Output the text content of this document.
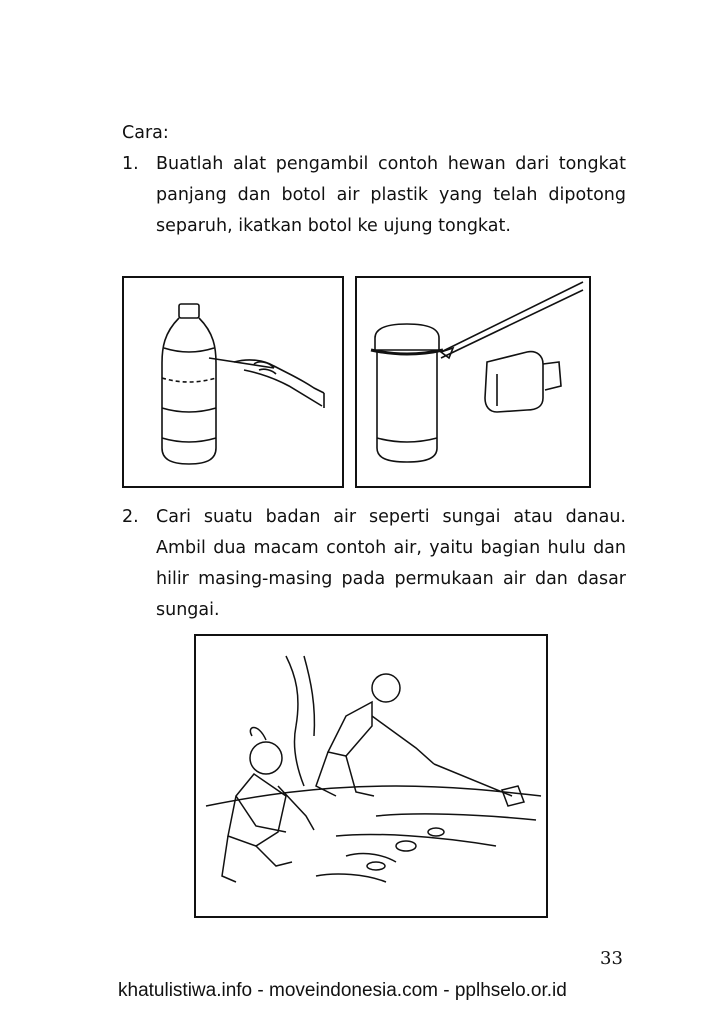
Cara:
1. Buatlah alat pengambil contoh hewan dari tongkat panjang dan botol air plastik yang telah dipotong separuh, ikatkan botol ke ujung tongkat.
2. Cari suatu badan air seperti sungai atau danau. Ambil dua macam contoh air, yaitu bagian hulu dan hilir masing-masing pada permukaan air dan dasar sungai.
33
khatulistiwa.info - moveindonesia.com - pplhselo.or.id
